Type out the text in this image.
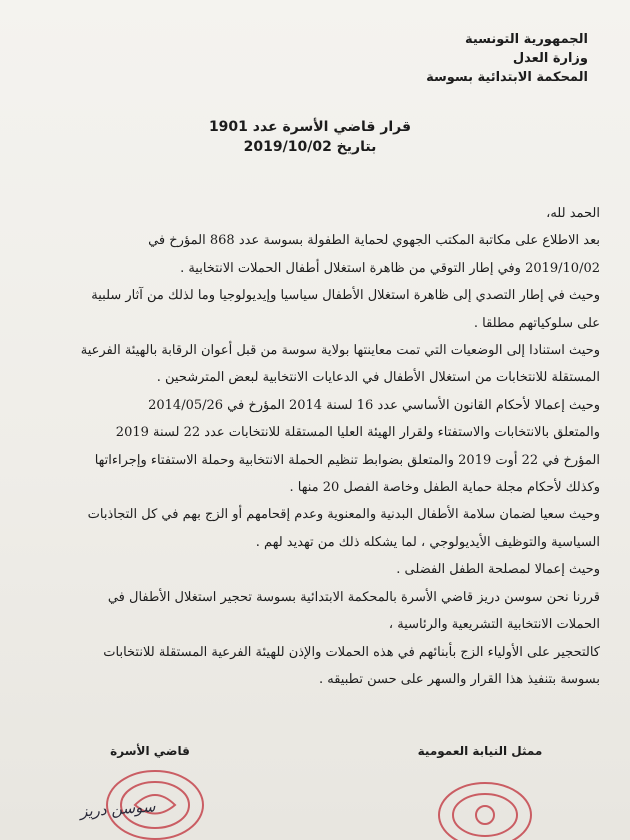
الجمهورية التونسية
وزارة العدل
المحكمة الابتدائية بسوسة
قرار قاضي الأسرة عدد 1901
بتاريخ 2019/10/02
الحمد لله،
بعد الاطلاع على مكاتبة المكتب الجهوي لحماية الطفولة بسوسة عدد 868 المؤرخ في
2019/10/02 وفي إطار التوقي من ظاهرة استغلال أطفال الحملات الانتخابية .
وحيث في إطار التصدي إلى ظاهرة استغلال الأطفال سياسيا وإيديولوجيا وما لذلك من آثار سلبية
على سلوكياتهم مطلقا .
وحيث استنادا إلى الوضعيات التي تمت معاينتها بولاية سوسة من قبل أعوان الرقابة بالهيئة الفرعية
المستقلة للانتخابات من استغلال الأطفال في الدعايات الانتخابية لبعض المترشحين .
وحيث إعمالا لأحكام القانون الأساسي عدد 16 لسنة 2014 المؤرخ في 2014/05/26
والمتعلق بالانتخابات والاستفتاء ولقرار الهيئة العليا المستقلة للانتخابات عدد 22 لسنة 2019
المؤرخ في 22 أوت 2019 والمتعلق بضوابط تنظيم الحملة الانتخابية وحملة الاستفتاء وإجراءاتها
وكذلك لأحكام مجلة حماية الطفل وخاصة الفصل 20 منها .
وحيث سعيا لضمان سلامة الأطفال البدنية والمعنوية وعدم إقحامهم أو الزج بهم في كل التجاذبات
السياسية والتوظيف الأيديولوجي ، لما يشكله ذلك من تهديد لهم .
وحيث إعمالا لمصلحة الطفل الفضلى .
قررنا نحن سوسن دريز قاضي الأسرة بالمحكمة الابتدائية بسوسة تحجير استغلال الأطفال في
الحملات الانتخابية التشريعية والرئاسية ،
كالتحجير على الأولياء الزج بأبنائهم في هذه الحملات والإذن للهيئة الفرعية المستقلة للانتخابات
بسوسة بتنفيذ هذا القرار والسهر على حسن تطبيقه .
قاضي الأسرة	ممثل النيابة العمومية
سوسن دريز
